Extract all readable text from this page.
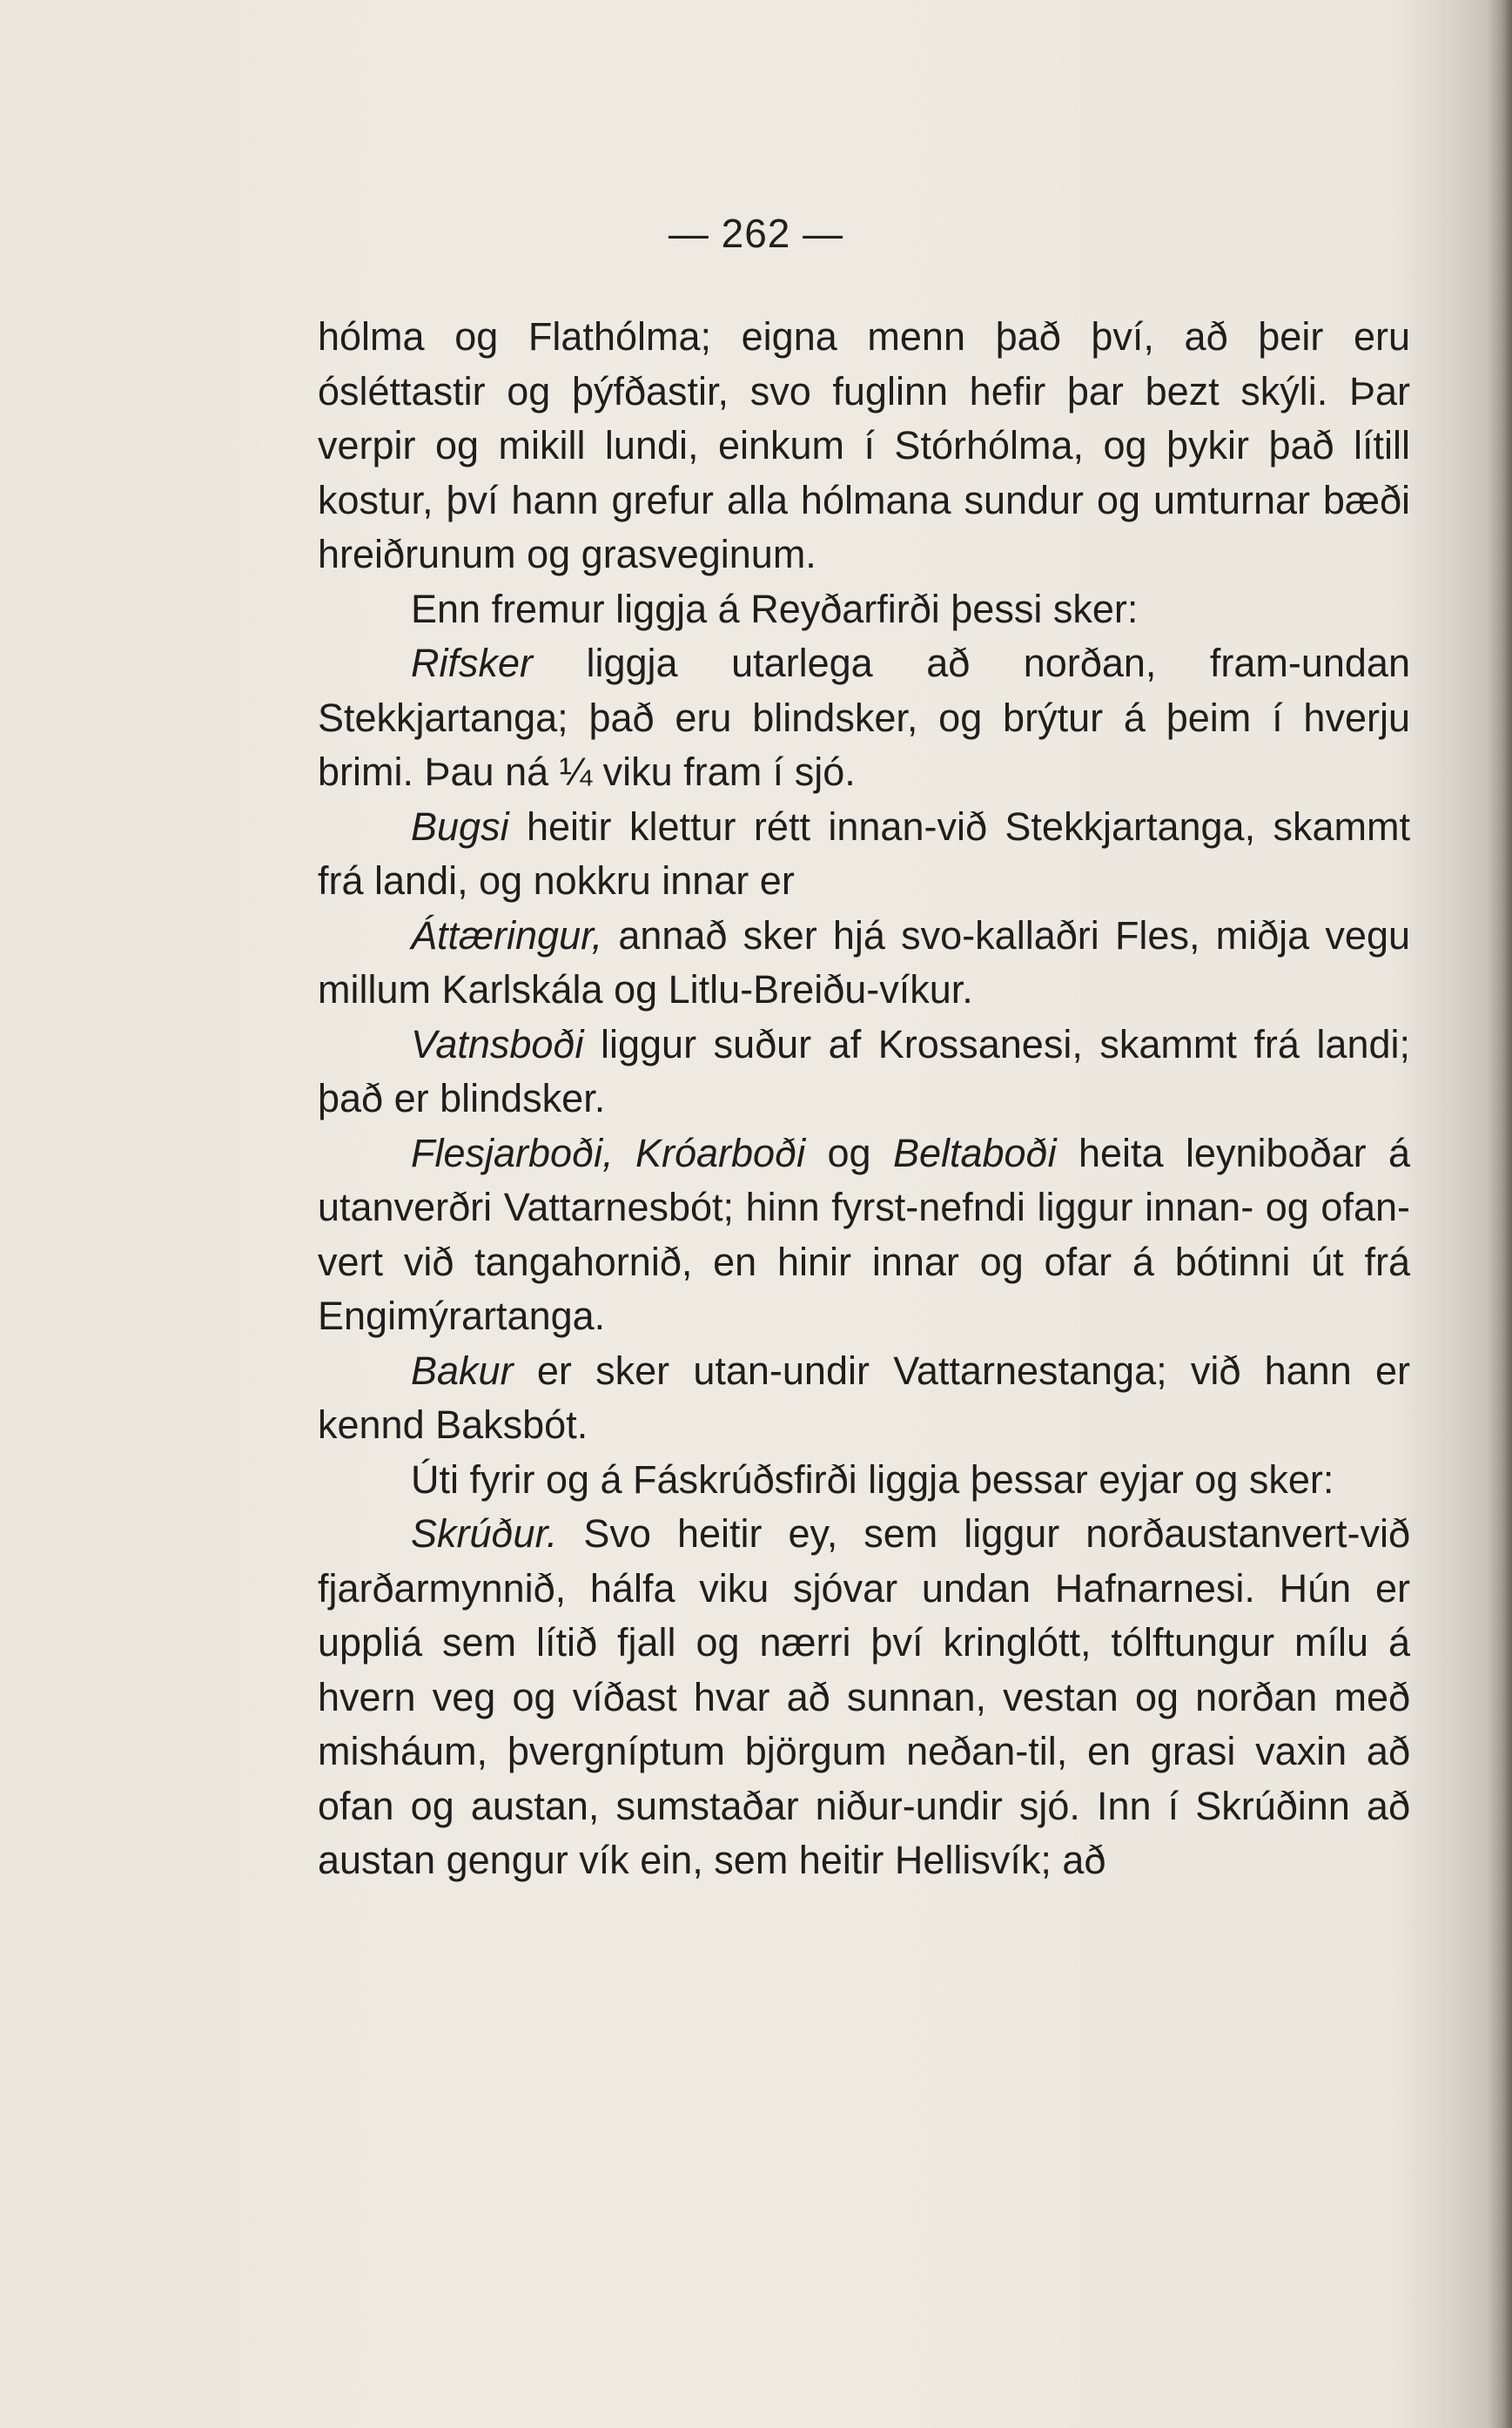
— 262 —

hólma og Flathólma; eigna menn það því, að þeir eru ósléttastir og þýfðastir, svo fuglinn hefir þar bezt skýli. Þar verpir og mikill lundi, einkum í Stórhólma, og þykir það lítill kostur, því hann grefur alla hólmana sundur og umturnar bæði hreiðrunum og grasveginum.

Enn fremur liggja á Reyðarfirði þessi sker:

Rifsker liggja utarlega að norðan, fram-undan Stekkjartanga; það eru blindsker, og brýtur á þeim í hverju brimi. Þau ná ¼ viku fram í sjó.

Bugsi heitir klettur rétt innan-við Stekkjartanga, skammt frá landi, og nokkru innar er

Áttæringur, annað sker hjá svo-kallaðri Fles, miðja vegu millum Karlskála og Litlu-Breiðu-víkur.

Vatnsboði liggur suður af Krossanesi, skammt frá landi; það er blindsker.

Flesjarboði, Króarboði og Beltaboði heita leyniboðar á utanverðri Vattarnesbót; hinn fyrst-nefndi liggur innan- og ofan-vert við tangahornið, en hinir innar og ofar á bótinni út frá Engimýrartanga.

Bakur er sker utan-undir Vattarnestanga; við hann er kennd Baksbót.

Úti fyrir og á Fáskrúðsfirði liggja þessar eyjar og sker:

Skrúður. Svo heitir ey, sem liggur norðaustanvert-við fjarðarmynnið, hálfa viku sjóvar undan Hafnarnesi. Hún er uppliá sem lítið fjall og nærri því kringlótt, tólftungur mílu á hvern veg og víðast hvar að sunnan, vestan og norðan með misháum, þvergníptum björgum neðan-til, en grasi vaxin að ofan og austan, sumstaðar niður-undir sjó. Inn í Skrúðinn að austan gengur vík ein, sem heitir Hellisvík; að
